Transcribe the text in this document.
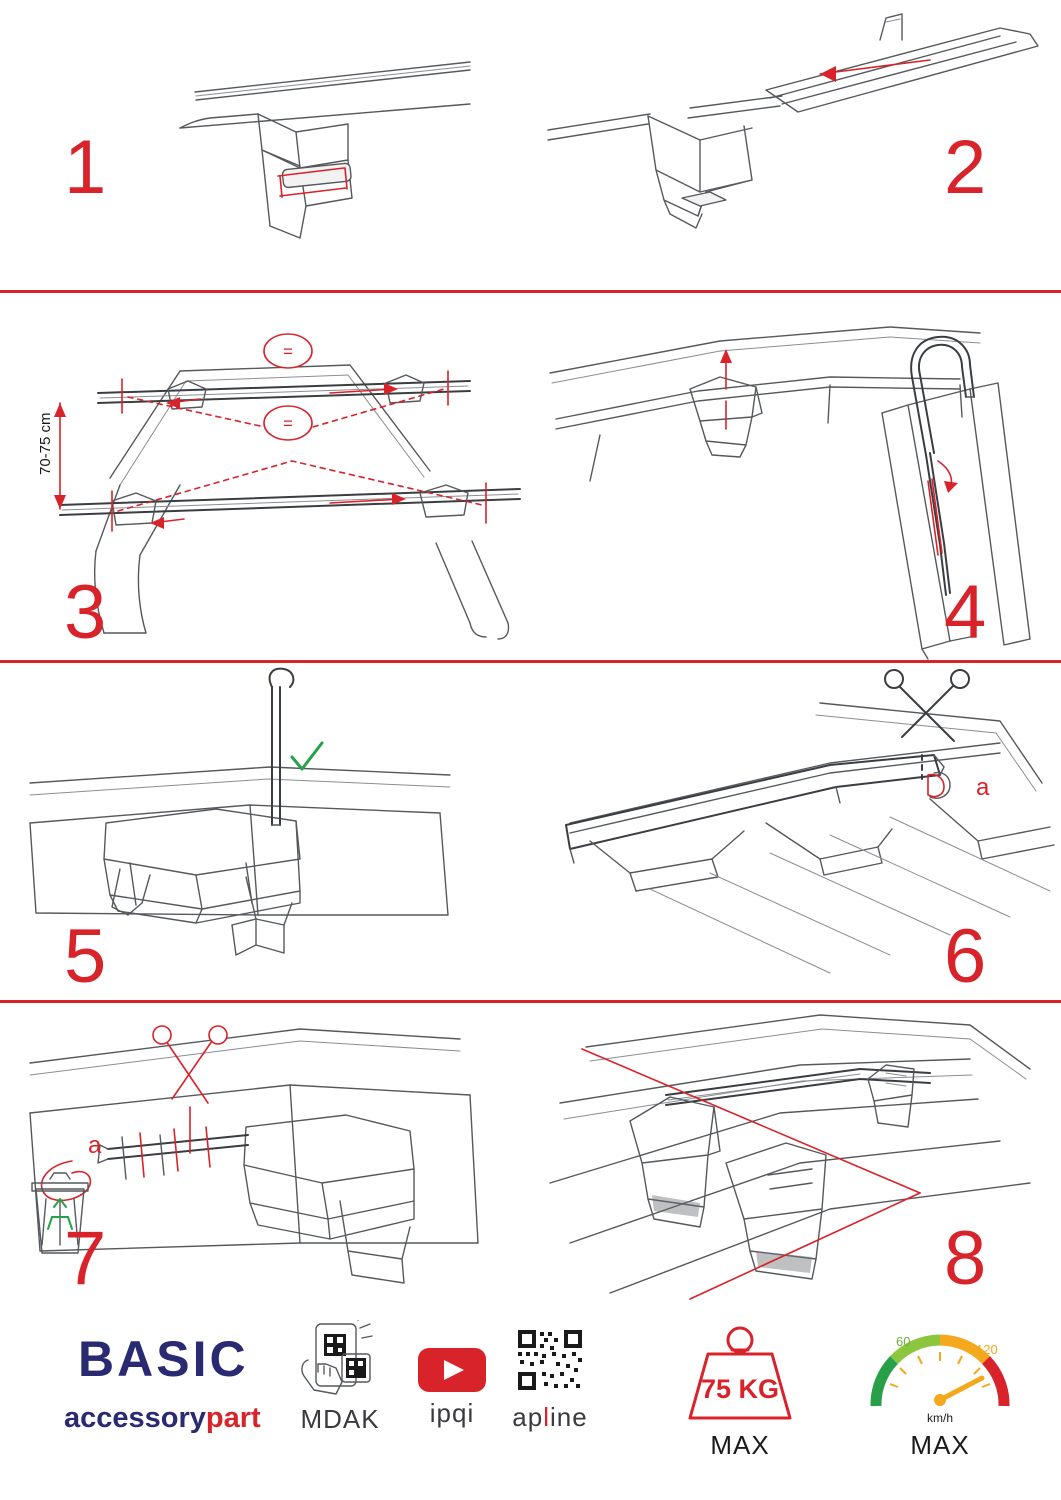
1	2
=
=
70-75 cm
3	4
5
a
6
a
7	8
BASIC
accessorypart	MDAK	ipqi	apline
75 KG
MAX
60
120
km/h
MAX
